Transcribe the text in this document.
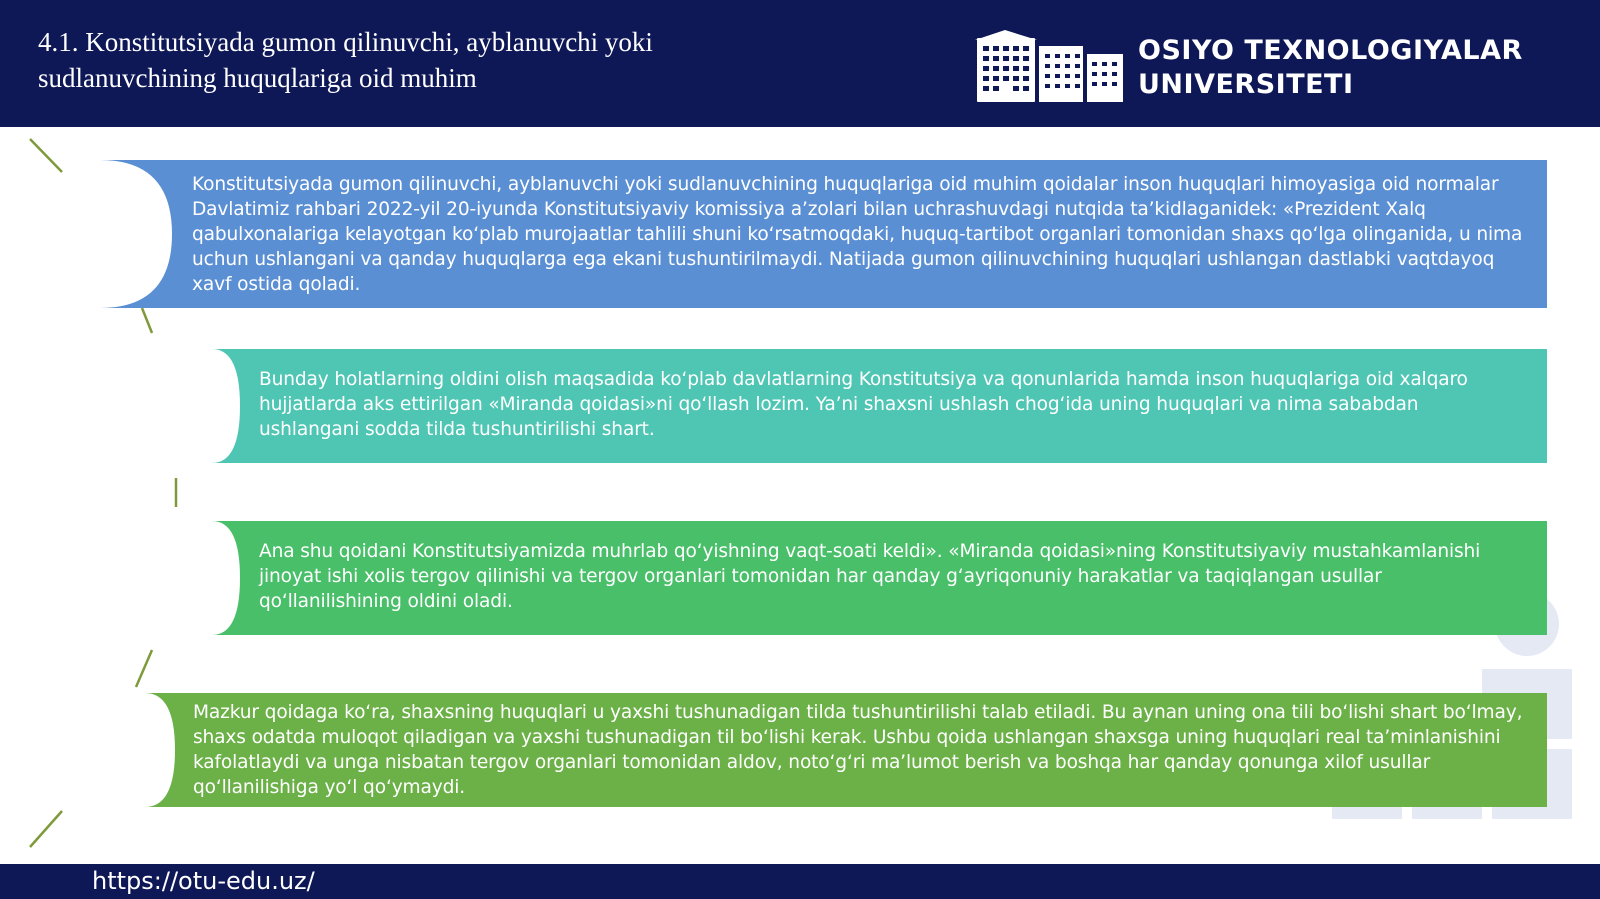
4.1. Konstitutsiyada gumon qilinuvchi, ayblanuvchi yoki sudlanuvchining huquqlariga oid muhim
OSIYO TEXNOLOGIYALAR
UNIVERSITETI
Konstitutsiyada gumon qilinuvchi, ayblanuvchi yoki sudlanuvchining huquqlariga oid muhim qoidalar inson huquqlari himoyasiga oid normalar Davlatimiz rahbari 2022-yil 20-iyunda Konstitutsiyaviy komissiya a’zolari bilan uchrashuvdagi nutqida ta’kidlaganidek: «Prezident Xalq qabulxonalariga kelayotgan ko‘plab murojaatlar tahlili shuni ko‘rsatmoqdaki, huquq-tartibot organlari tomonidan shaxs qo‘lga olinganida, u nima uchun ushlangani va qanday huquqlarga ega ekani tushuntirilmaydi. Natijada gumon qilinuvchining huquqlari ushlangan dastlabki vaqtdayoq xavf ostida qoladi.
Bunday holatlarning oldini olish maqsadida ko‘plab davlatlarning Konstitutsiya va qonunlarida hamda inson huquqlariga oid xalqaro hujjatlarda aks ettirilgan «Miranda qoidasi»ni qo‘llash lozim. Ya’ni shaxsni ushlash chog‘ida uning huquqlari va nima sababdan ushlangani sodda tilda tushuntirilishi shart.
Ana shu qoidani Konstitutsiyamizda muhrlab qo‘yishning vaqt-soati keldi». «Miranda qoidasi»ning Konstitutsiyaviy mustahkamlanishi jinoyat ishi xolis tergov qilinishi va tergov organlari tomonidan har qanday g‘ayriqonuniy harakatlar va taqiqlangan usullar qo‘llanilishining oldini oladi.
Mazkur qoidaga ko‘ra, shaxsning huquqlari u yaxshi tushunadigan tilda tushuntirilishi talab etiladi. Bu aynan uning ona tili bo‘lishi shart bo‘lmay, shaxs odatda muloqot qiladigan va yaxshi tushunadigan til bo‘lishi kerak. Ushbu qoida ushlangan shaxsga uning huquqlari real ta’minlanishini kafolatlaydi va unga nisbatan tergov organlari tomonidan aldov, noto‘g‘ri ma’lumot berish va boshqa har qanday qonunga xilof usullar qo‘llanilishiga yo‘l qo‘ymaydi.
https://otu-edu.uz/
